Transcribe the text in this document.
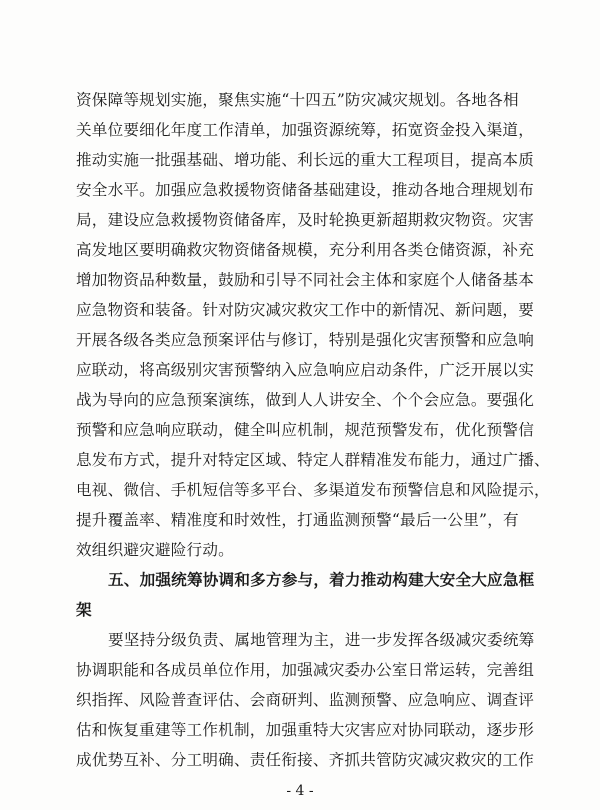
资保障等规划实施，聚焦实施“十四五”防灾减灾规划。各地各相
关单位要细化年度工作清单，加强资源统筹，拓宽资金投入渠道，
推动实施一批强基础、增功能、利长远的重大工程项目，提高本质
安全水平。加强应急救援物资储备基础建设，推动各地合理规划布
局，建设应急救援物资储备库，及时轮换更新超期救灾物资。灾害
高发地区要明确救灾物资储备规模，充分利用各类仓储资源，补充
增加物资品种数量，鼓励和引导不同社会主体和家庭个人储备基本
应急物资和装备。针对防灾减灾救灾工作中的新情况、新问题，要
开展各级各类应急预案评估与修订，特别是强化灾害预警和应急响
应联动，将高级别灾害预警纳入应急响应启动条件，广泛开展以实
战为导向的应急预案演练，做到人人讲安全、个个会应急。要强化
预警和应急响应联动，健全叫应机制，规范预警发布，优化预警信
息发布方式，提升对特定区域、特定人群精准发布能力，通过广播、
电视、微信、手机短信等多平台、多渠道发布预警信息和风险提示，
提升覆盖率、精准度和时效性，打通监测预警“最后一公里”，有
效组织避灾避险行动。
五、加强统筹协调和多方参与，着力推动构建大安全大应急框
架
要坚持分级负责、属地管理为主，进一步发挥各级减灾委统筹
协调职能和各成员单位作用，加强减灾委办公室日常运转，完善组
织指挥、风险普查评估、会商研判、监测预警、应急响应、调查评
估和恢复重建等工作机制，加强重特大灾害应对协同联动，逐步形
成优势互补、分工明确、责任衔接、齐抓共管防灾减灾救灾的工作
- 4 -
